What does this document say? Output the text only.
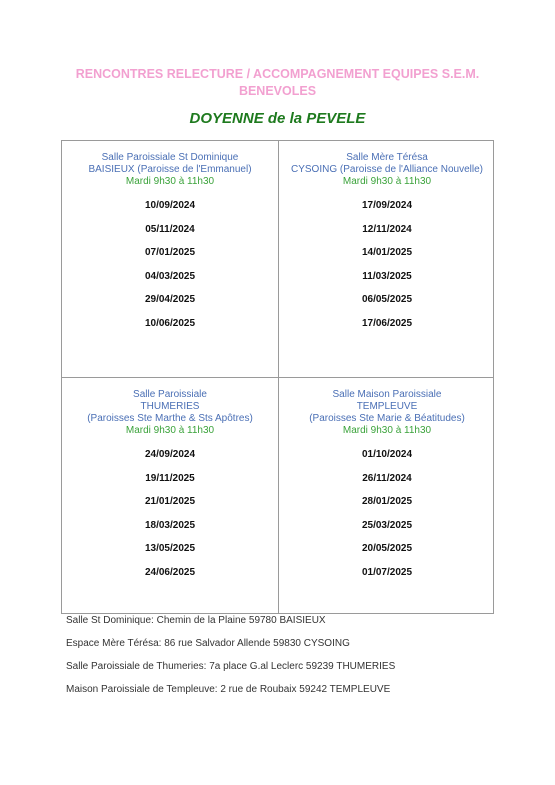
RENCONTRES RELECTURE / ACCOMPAGNEMENT EQUIPES S.E.M.
BENEVOLES
DOYENNE de la PEVELE
Salle Paroissiale St Dominique
BAISIEUX (Paroisse de l'Emmanuel)
Mardi 9h30 à 11h30
10/09/2024
05/11/2024
07/01/2025
04/03/2025
29/04/2025
10/06/2025
Salle Mère Térésa
CYSOING (Paroisse de l'Alliance Nouvelle)
Mardi 9h30 à 11h30
17/09/2024
12/11/2024
14/01/2025
11/03/2025
06/05/2025
17/06/2025
Salle Paroissiale
THUMERIES
(Paroisses Ste Marthe & Sts Apôtres)
Mardi 9h30 à 11h30
24/09/2024
19/11/2025
21/01/2025
18/03/2025
13/05/2025
24/06/2025
Salle Maison Paroissiale
TEMPLEUVE
(Paroisses Ste Marie & Béatitudes)
Mardi 9h30 à 11h30
01/10/2024
26/11/2024
28/01/2025
25/03/2025
20/05/2025
01/07/2025
Salle St Dominique: Chemin de la Plaine 59780 BAISIEUX
Espace Mère Térésa: 86 rue Salvador Allende 59830 CYSOING
Salle Paroissiale de Thumeries: 7a place G.al Leclerc 59239 THUMERIES
Maison Paroissiale de Templeuve: 2 rue de Roubaix 59242 TEMPLEUVE
